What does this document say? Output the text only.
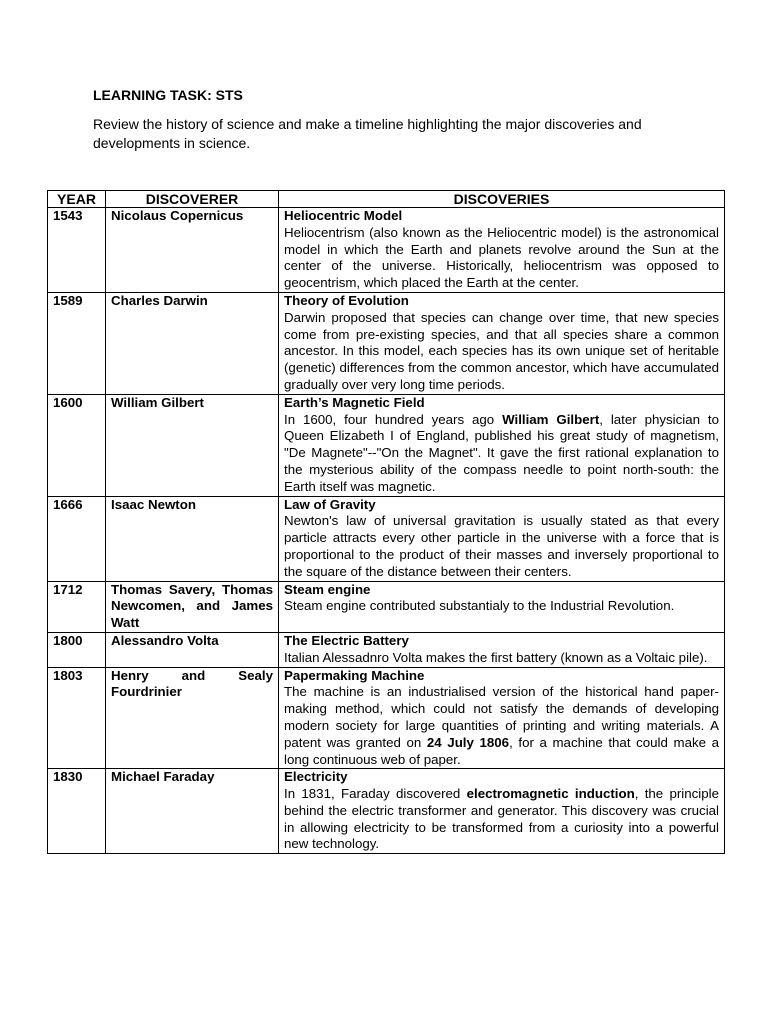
LEARNING TASK: STS
Review the history of science and make a timeline highlighting the major discoveries and developments in science.
YEAR	DISCOVERER	DISCOVERIES
1543	Nicolaus Copernicus	Heliocentric Model
Heliocentrism (also known as the Heliocentric model) is the astronomical model in which the Earth and planets revolve around the Sun at the center of the universe. Historically, heliocentrism was opposed to geocentrism, which placed the Earth at the center.

1589	Charles Darwin	Theory of Evolution
Darwin proposed that species can change over time, that new species come from pre-existing species, and that all species share a common ancestor. In this model, each species has its own unique set of heritable (genetic) differences from the common ancestor, which have accumulated gradually over very long time periods.

1600	William Gilbert	Earth’s Magnetic Field
In 1600, four hundred years ago William Gilbert, later physician to Queen Elizabeth I of England, published his great study of magnetism, "De Magnete"--"On the Magnet". It gave the first rational explanation to the mysterious ability of the compass needle to point north-south: the Earth itself was magnetic.

1666	Isaac Newton	Law of Gravity
Newton's law of universal gravitation is usually stated as that every particle attracts every other particle in the universe with a force that is proportional to the product of their masses and inversely proportional to the square of the distance between their centers.

1712	Thomas Savery, Thomas Newcomen, and James Watt	Steam engine
Steam engine contributed substantialy to the Industrial Revolution.

1800	Alessandro Volta	The Electric Battery
Italian Alessadnro Volta makes the first battery (known as a Voltaic pile).

1803	Henry and Sealy Fourdrinier	Papermaking Machine
The machine is an industrialised version of the historical hand paper-making method, which could not satisfy the demands of developing modern society for large quantities of printing and writing materials. A patent was granted on 24 July 1806, for a machine that could make a long continuous web of paper.

1830	Michael Faraday	Electricity
In 1831, Faraday discovered electromagnetic induction, the principle behind the electric transformer and generator. This discovery was crucial in allowing electricity to be transformed from a curiosity into a powerful new technology.
